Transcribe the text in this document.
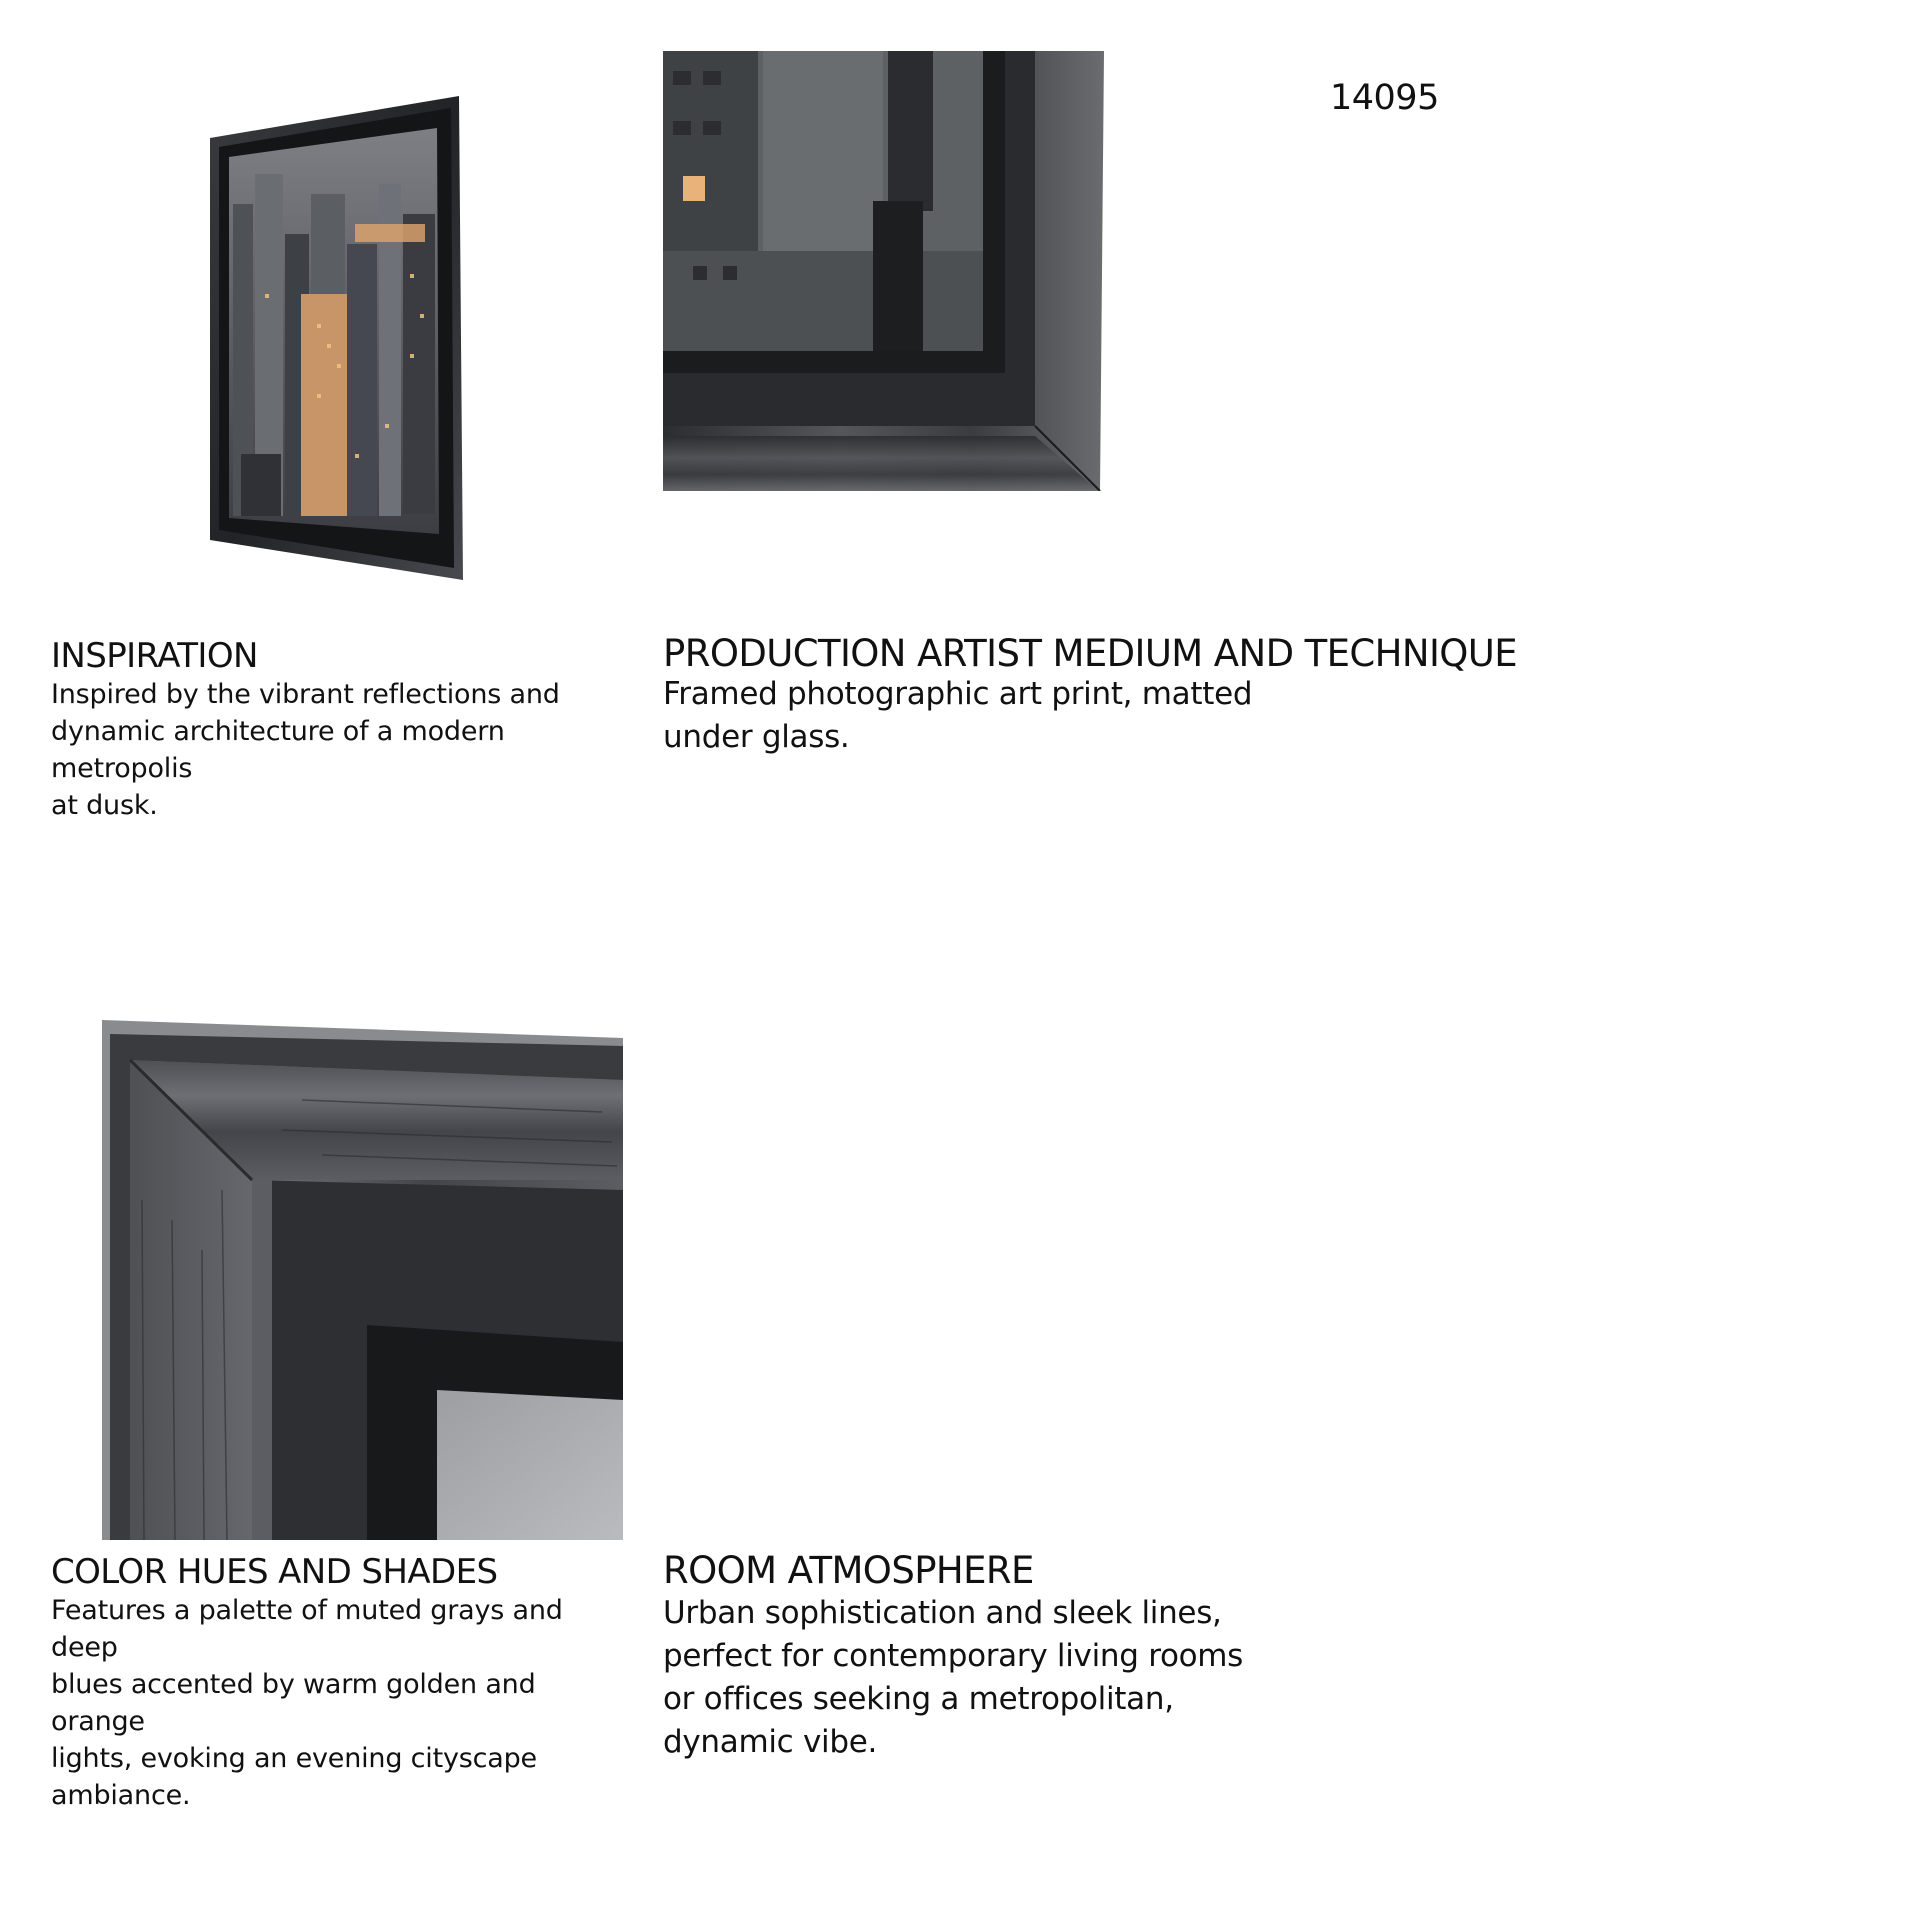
14095
INSPIRATION
Inspired by the vibrant reflections and
dynamic architecture of a modern metropolis
at dusk.
PRODUCTION ARTIST MEDIUM AND TECHNIQUE
Framed photographic art print, matted
under glass.
COLOR HUES AND SHADES
Features a palette of muted grays and deep
blues accented by warm golden and orange
lights, evoking an evening cityscape
ambiance.
ROOM ATMOSPHERE
Urban sophistication and sleek lines,
perfect for contemporary living rooms
or offices seeking a metropolitan,
dynamic vibe.
